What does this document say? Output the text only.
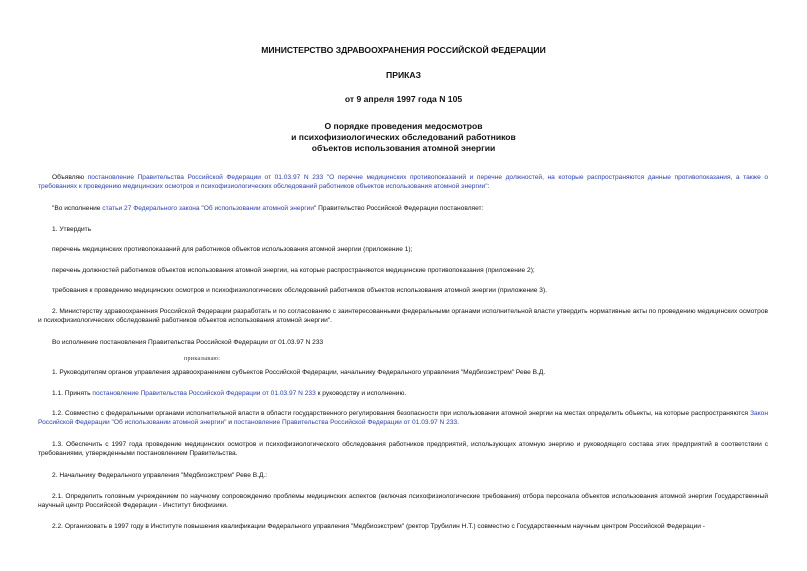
МИНИСТЕРСТВО ЗДРАВООХРАНЕНИЯ РОССИЙСКОЙ ФЕДЕРАЦИИ
ПРИКАЗ
от 9 апреля 1997 года N 105
О порядке проведения медосмотров
и психофизиологических обследований работников
объектов использования атомной энергии
Объявляю постановление Правительства Российской Федерации от 01.03.97 N 233 "О перечне медицинских противопоказаний и перечне должностей, на которые распространяются данные противопоказания, а также о требованиях к проведению медицинских осмотров и психофизиологических обследований работников объектов использования атомной энергии":
"Во исполнение статьи 27 Федерального закона "Об использовании атомной энергии" Правительство Российской Федерации постановляет:
1. Утвердить
перечень медицинских противопоказаний для работников объектов использования атомной энергии (приложение 1);
перечень должностей работников объектов использования атомной энергии, на которые распространяются медицинские противопоказания (приложение 2);
требования к проведению медицинских осмотров и психофизиологических обследований работников объектов использования атомной энергии (приложение 3).
2. Министерству здравоохранения Российской Федерации разработать и по согласованию с заинтересованными федеральными органами исполнительной власти утвердить нормативные акты по проведению медицинских осмотров и психофизиологических обследований работников объектов использования атомной энергии".
Во исполнение постановления Правительства Российской Федерации от 01.03.97 N 233
приказываю:
1. Руководителям органов управления здравоохранением субъектов Российской Федерации, начальнику Федерального управления "Медбиоэкстрем" Реве В.Д.
1.1. Принять постановление Правительства Российской Федерации от 01.03.97 N 233 к руководству и исполнению.
1.2. Совместно с федеральными органами исполнительной власти в области государственного регулирования безопасности при использовании атомной энергии на местах определить объекты, на которые распространяются Закон Российской Федерации "Об использовании атомной энергии" и постановление Правительства Российской Федерации от 01.03.97 N 233.
1.3. Обеспечить с 1997 года проведение медицинских осмотров и психофизиологического обследования работников предприятий, использующих атомную энергию и руководящего состава этих предприятий в соответствии с требованиями, утвержденными постановлением Правительства.
2. Начальнику Федерального управления "Медбиоэкстрем" Реве В.Д.:
2.1. Определить головным учреждением по научному сопровождению проблемы медицинских аспектов (включая психофизиологические требования) отбора персонала объектов использования атомной энергии Государственный научный центр Российской Федерации - Институт биофизики.
2.2. Организовать в 1997 году в Институте повышения квалификации Федерального управления "Медбиоэкстрем" (ректор Трубилин Н.Т.) совместно с Государственным научным центром Российской Федерации -
